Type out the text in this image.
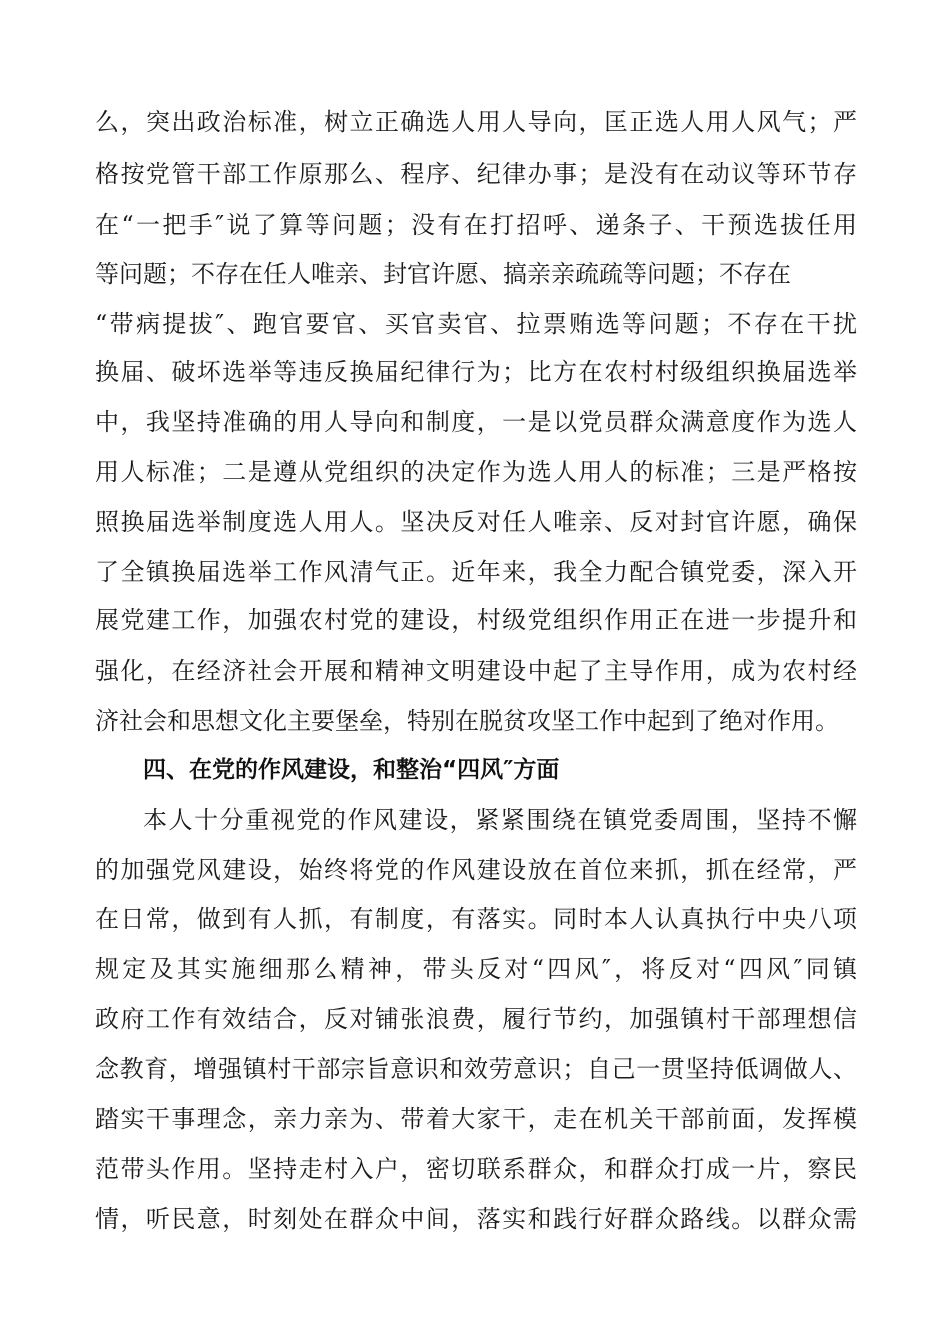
么，突出政治标准，树立正确选人用人导向，匡正选人用人风气；严
格按党管干部工作原那么、程序、纪律办事；是没有在动议等环节存
在“一把手″说了算等问题；没有在打招呼、递条子、干预选拔任用
等问题；不存在任人唯亲、封官许愿、搞亲亲疏疏等问题；不存在
“带病提拔″、跑官要官、买官卖官、拉票贿选等问题；不存在干扰
换届、破坏选举等违反换届纪律行为；比方在农村村级组织换届选举
中，我坚持准确的用人导向和制度，一是以党员群众满意度作为选人
用人标准；二是遵从党组织的决定作为选人用人的标准；三是严格按
照换届选举制度选人用人。坚决反对任人唯亲、反对封官许愿，确保
了全镇换届选举工作风清气正。近年来，我全力配合镇党委，深入开
展党建工作，加强农村党的建设，村级党组织作用正在进一步提升和
强化，在经济社会开展和精神文明建设中起了主导作用，成为农村经
济社会和思想文化主要堡垒，特别在脱贫攻坚工作中起到了绝对作用。
四、在党的作风建设，和整治“四风″方面
本人十分重视党的作风建设，紧紧围绕在镇党委周围，坚持不懈
的加强党风建设，始终将党的作风建设放在首位来抓，抓在经常，严
在日常，做到有人抓，有制度，有落实。同时本人认真执行中央八项
规定及其实施细那么精神，带头反对“四风″，将反对“四风″同镇
政府工作有效结合，反对铺张浪费，履行节约，加强镇村干部理想信
念教育，增强镇村干部宗旨意识和效劳意识；自己一贯坚持低调做人、
踏实干事理念，亲力亲为、带着大家干，走在机关干部前面，发挥模
范带头作用。坚持走村入户，密切联系群众，和群众打成一片，察民
情，听民意，时刻处在群众中间，落实和践行好群众路线。以群众需
